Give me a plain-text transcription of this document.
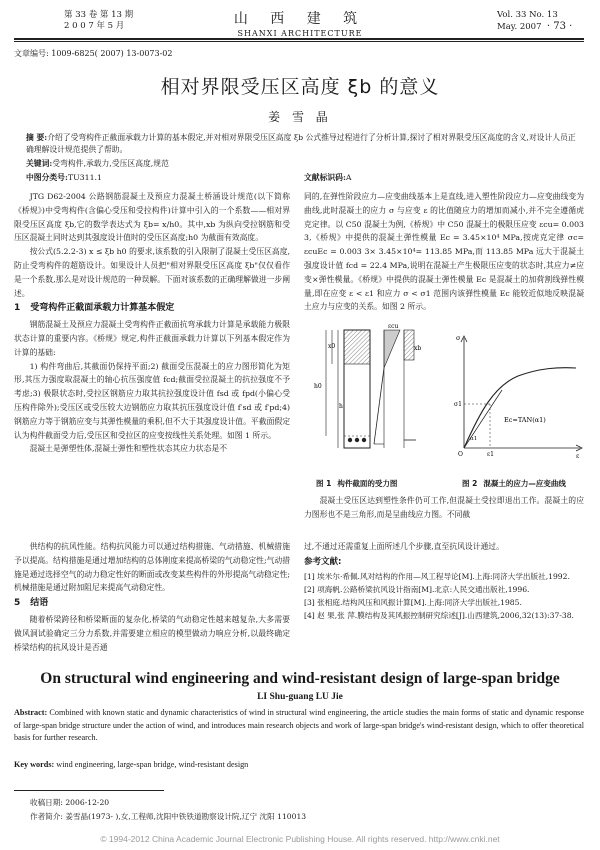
第 33 卷 第 13 期
2 0 0 7 年 5 月	山 西 建 筑
SHANXI ARCHITECTURE
Vol. 33 No. 13
May. 2007 · 73 ·
文章编号: 1009-6825( 2007) 13-0073-02
相对界限受压区高度 ξb 的意义
姜 雪 晶
摘 要:介绍了受弯构件正截面承载力计算的基本假定,并对相对界限受压区高度 ξb 公式推导过程进行了分析计算,探讨了相对界限受压区高度的含义,对设计人员正确理解设计规范提供了帮助。
关键词:受弯构件,承载力,受压区高度,规范
中图分类号:TU311.1	文献标识码:A

JTG D62-2004 公路钢筋混凝土及预应力混凝土桥涵设计规范(以下简称《桥规》)中受弯构件(含偏心受压和受拉构件)计算中引入的一个系数——相对界限受压区高度 ξb,它的数学表达式为 ξb= x/h0。其中,xb 为纵向受拉钢筋和受压区混凝土同时达到其强度设计值时的受压区高度;h0 为截面有效高度。

按公式(5.2.2-3) x ≤ ξb h0 的要求,该系数的引入限制了混凝土受压区高度,防止受弯构件的超筋设计。如果设计人员把"相对界限受压区高度 ξb"仅仅看作是一个系数,那么是对设计规范的一种误解。下面对该系数的正确理解做进一步阐述。

1 受弯构件正截面承载力计算基本假定

钢筋混凝土及预应力混凝土受弯构件正截面抗弯承载力计算是承载能力极限状态计算的重要内容。《桥规》规定,构件正截面承载力计算以下列基本假定作为计算的基础:

1) 构件弯曲后,其截面仍保持平面;2) 截面受压混凝土的应力图形简化为矩形,其压力强度取混凝土的轴心抗压强度值 fcd;截面受拉混凝土的抗拉强度不予考虑;3) 极限状态时,受拉区钢筋应力取其抗拉强度设计值 fsd 或 fpd(小偏心受压构件除外);受压区或受压较大边钢筋应力取其抗压强度设计值 f′sd 或 f′pd;4) 钢筋应力等于钢筋应变与其弹性模量的乘积,但不大于其强度设计值。平截面假定认为构件截面受力后,受压区和受拉区的应变按线性关系处理。如图 1 所示。

混凝土是弹塑性体,混凝土弹性和塑性状态其应力状态是不

同的,在弹性阶段应力—应变曲线基本上是直线,进入塑性阶段应力—应变曲线变为曲线,此时混凝土的应力 σ 与应变 ε 的比值随应力的增加而减小,并不完全遵循虎克定律。以 C50 混凝土为例,《桥规》中 C50 混凝土的极限压应变 εcu= 0.003 3,《桥规》中提供的混凝土弹性模量 Ec = 3.45×10⁴ MPa,按虎克定律 σc= εcuEc = 0.003 3× 3.45×10⁴= 113.85 MPa,而 113.85 MPa 远大于混凝土强度设计值 fcd = 22.4 MPa,说明在混凝土产生极限压应变的状态时,其应力≠应变×弹性模量。《桥规》中提供的混凝土弹性模量 Ec 是混凝土的加荷割线弹性模量,即在应变 ε < ε1 和应力 σ < σ1 范围内该弹性模量 Ec 能较近似地反映混凝土应力与应变的关系。如图 2 所示。

x0
h0
h
εcu
xb
σ
ε
σ1
ε1
O
α1
Ec=TAN(α1)
图 1 构件截面的受力图	图 2 混凝土的应力—应变曲线

混凝土受压区达到塑性条件仍可工作,但混凝土受拉即退出工作。混凝土的应力图形也不是三角形,而是呈曲线应力图。不同截

供结构的抗风性能。结构抗风能力可以通过结构措施、气动措施、机械措施予以提高。结构措施是通过增加结构的总体刚度来提高桥梁的气动稳定性;气动措施是通过选择空气的动力稳定性好的断面或改变某些构件的外形提高气动稳定性;机械措施是通过附加阻尼来提高气动稳定性。

5 结语

随着桥梁跨径和桥梁断面的复杂化,桥梁的气动稳定性越来越复杂,大多需要做风洞试验确定三分力系数,并需要建立相应的模型做动力响应分析,以最终确定桥梁结构的抗风设计是否通

过,不通过还需重复上面所述几个步骤,直至抗风设计通过。

参考文献:
[1] 埃米尔·希佩.风对结构的作用—风工程导论[M].上海:同济大学出版社,1992.
[2] 项海帆.公路桥梁抗风设计指南[M].北京:人民交通出版社,1996.
[3] 张相庭.结构风压和风振计算[M].上海:同济大学出版社,1985.
[4] 赵 果,张 萍.膜结构及其风振控制研究综述[J].山西建筑,2006,32(13):37-38.
On structural wind engineering and wind-resistant design of large-span bridge
LI Shu-guang LU Jie
Abstract: Combined with known static and dynamic characteristics of wind in structural wind engineering, the article studies the main forms of static and dynamic response of large-span bridge structure under the action of wind, and introduces main research objects and work of large-span bridge's wind-resistant design, which to offer theoretical basis for further research.
Key words: wind engineering, large-span bridge, wind-resistant design
收稿日期: 2006-12-20
作者简介: 姜雪晶(1973- ),女,工程师,沈阳中铁铁道勘察设计院,辽宁 沈阳 110013
© 1994-2012 China Academic Journal Electronic Publishing House. All rights reserved. http://www.cnki.net
